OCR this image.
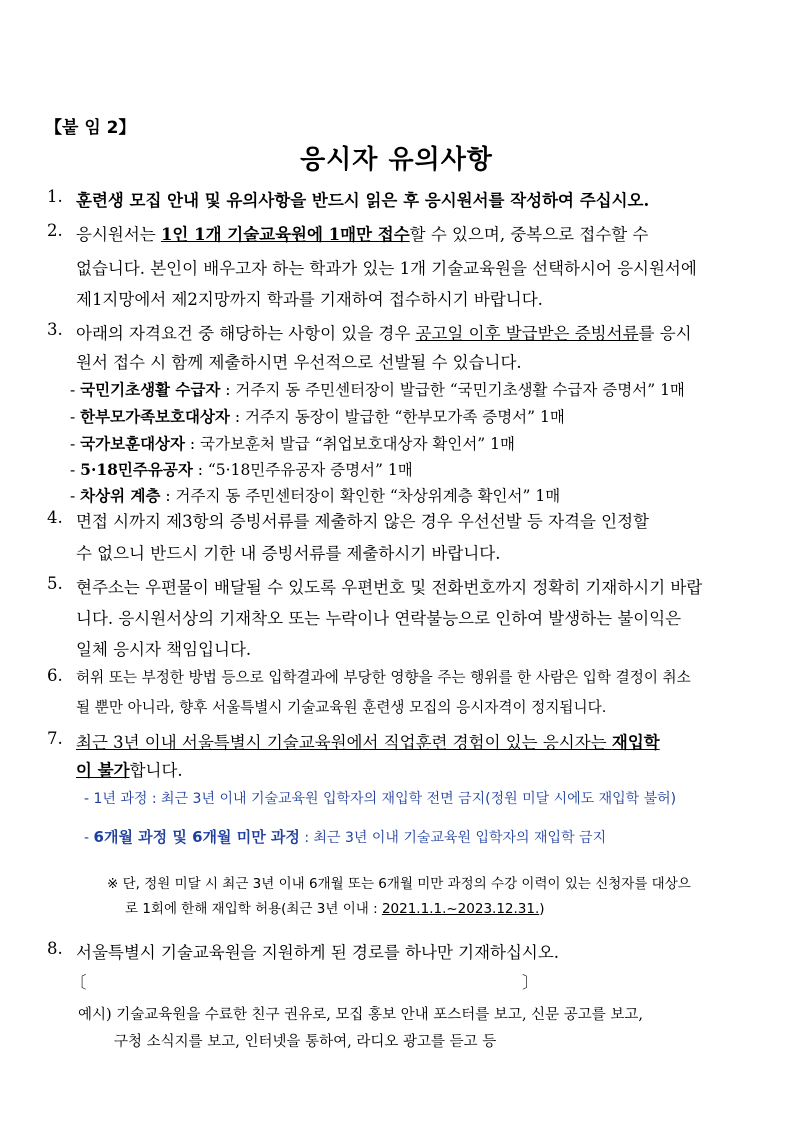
【붙 임 2】
응시자 유의사항
1. 훈련생 모집 안내 및 유의사항을 반드시 읽은 후 응시원서를 작성하여 주십시오.
2. 응시원서는 1인 1개 기술교육원에 1매만 접수할 수 있으며, 중복으로 접수할 수
없습니다. 본인이 배우고자 하는 학과가 있는 1개 기술교육원을 선택하시어 응시원서에
제1지망에서 제2지망까지 학과를 기재하여 접수하시기 바랍니다.
3. 아래의 자격요건 중 해당하는 사항이 있을 경우 공고일 이후 발급받은 증빙서류를 응시
원서 접수 시 함께 제출하시면 우선적으로 선발될 수 있습니다.
- 국민기초생활 수급자 : 거주지 동 주민센터장이 발급한 “국민기초생활 수급자 증명서” 1매
- 한부모가족보호대상자 : 거주지 동장이 발급한 “한부모가족 증명서” 1매
- 국가보훈대상자 : 국가보훈처 발급 “취업보호대상자 확인서” 1매
- 5·18민주유공자 : “5·18민주유공자 증명서” 1매
- 차상위 계층 : 거주지 동 주민센터장이 확인한 “차상위계층 확인서” 1매
4. 면접 시까지 제3항의 증빙서류를 제출하지 않은 경우 우선선발 등 자격을 인정할
수 없으니 반드시 기한 내 증빙서류를 제출하시기 바랍니다.
5. 현주소는 우편물이 배달될 수 있도록 우편번호 및 전화번호까지 정확히 기재하시기 바랍
니다. 응시원서상의 기재착오 또는 누락이나 연락불능으로 인하여 발생하는 불이익은
일체 응시자 책임입니다.
6. 허위 또는 부정한 방법 등으로 입학결과에 부당한 영향을 주는 행위를 한 사람은 입학 결정이 취소
될 뿐만 아니라, 향후 서울특별시 기술교육원 훈련생 모집의 응시자격이 정지됩니다.
7. 최근 3년 이내 서울특별시 기술교육원에서 직업훈련 경험이 있는 응시자는 재입학
이 불가합니다.
- 1년 과정 : 최근 3년 이내 기술교육원 입학자의 재입학 전면 금지(정원 미달 시에도 재입학 불허)
- 6개월 과정 및 6개월 미만 과정 : 최근 3년 이내 기술교육원 입학자의 재입학 금지
※ 단, 정원 미달 시 최근 3년 이내 6개월 또는 6개월 미만 과정의 수강 이력이 있는 신청자를 대상으
로 1회에 한해 재입학 허용(최근 3년 이내 : 2021.1.1.~2023.12.31.)
8. 서울특별시 기술교육원을 지원하게 된 경로를 하나만 기재하십시오.
〔	〕
예시) 기술교육원을 수료한 친구 권유로, 모집 홍보 안내 포스터를 보고, 신문 공고를 보고,
구청 소식지를 보고, 인터넷을 통하여, 라디오 광고를 듣고 등
